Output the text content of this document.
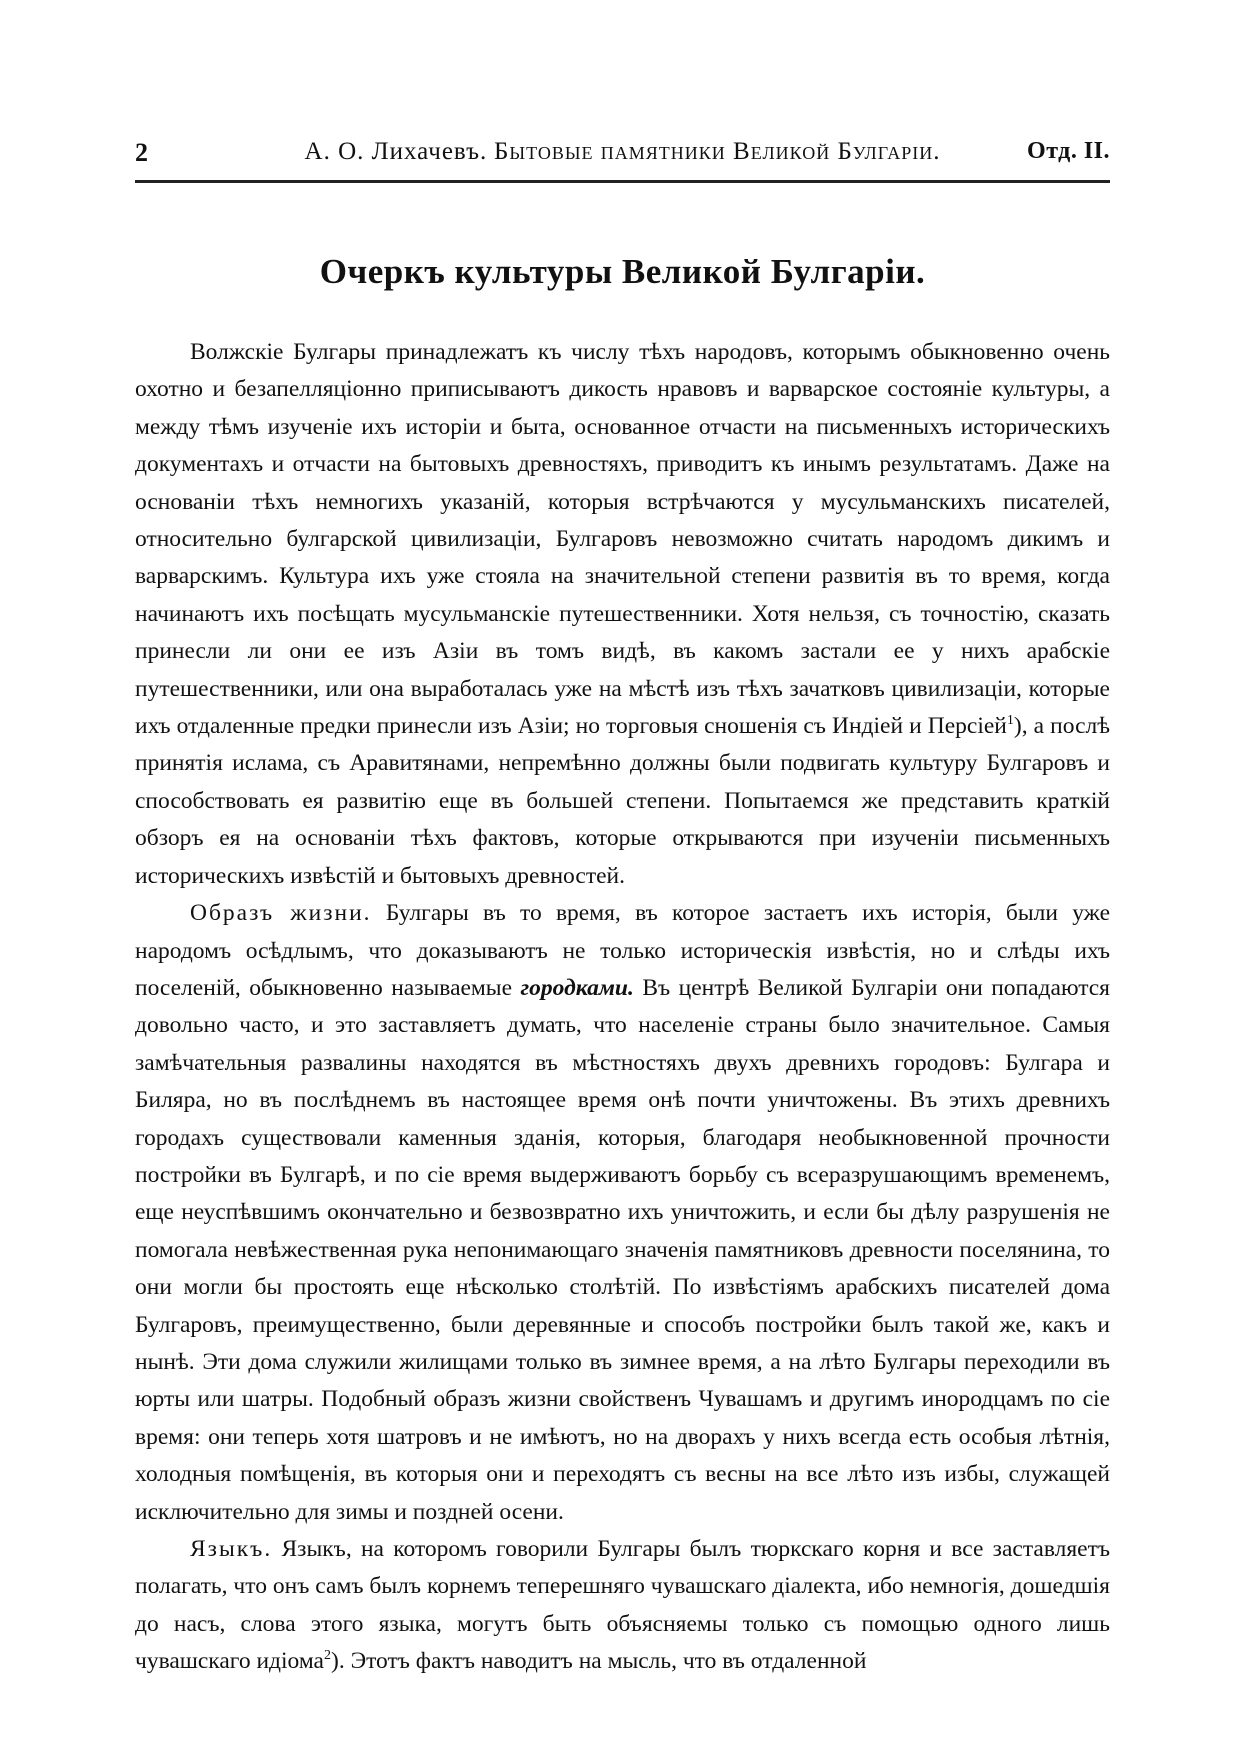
2	А. О. Лихачевъ. Бытовые памятники Великой Булгарiи.	Отд. II.
Очеркъ культуры Великой Булгарiи.

Волжскiе Булгары принадлежатъ къ числу тѣхъ народовъ, которымъ обыкновенно очень охотно и безапелляцiонно приписываютъ дикость нравовъ и варварское состоянiе культуры, а между тѣмъ изученiе ихъ исторiи и быта, основанное отчасти на письменныхъ историческихъ документахъ и отчасти на бытовыхъ древностяхъ, приводитъ къ инымъ результатамъ. Даже на основанiи тѣхъ немногихъ указанiй, которыя встрѣчаются у мусульманскихъ писателей, относительно булгарской цивилизацiи, Булгаровъ невозможно считать народомъ дикимъ и варварскимъ. Культура ихъ уже стояла на значительной степени развитiя въ то время, когда начинаютъ ихъ посѣщать мусульманскiе путешественники. Хотя нельзя, съ точностiю, сказать принесли ли они ее изъ Азiи въ томъ видѣ, въ какомъ застали ее у нихъ арабскiе путешественники, или она выработалась уже на мѣстѣ изъ тѣхъ зачатковъ цивилизацiи, которые ихъ отдаленные предки принесли изъ Азiи; но торговыя сношенiя съ Индiей и Персiей$^1$), а послѣ принятiя ислама, съ Аравитянами, непремѣнно должны были подвигать культуру Булгаровъ и способствовать ея развитiю еще въ большей степени. Попытаемся же представить краткiй обзоръ ея на основанiи тѣхъ фактовъ, которые открываются при изученiи письменныхъ историческихъ извѣстiй и бытовыхъ древностей.

Образъ жизни. Булгары въ то время, въ которое застаетъ ихъ исторiя, были уже народомъ осѣдлымъ, что доказываютъ не только историческiя извѣстiя, но и слѣды ихъ поселенiй, обыкновенно называемые городками. Въ центрѣ Великой Булгарiи они попадаются довольно часто, и это заставляетъ думать, что населенiе страны было значительное. Самыя замѣчательныя развалины находятся въ мѣстностяхъ двухъ древнихъ городовъ: Булгара и Биляра, но въ послѣднемъ въ настоящее время онѣ почти уничтожены. Въ этихъ древнихъ городахъ существовали каменныя зданiя, которыя, благодаря необыкновенной прочности постройки въ Булгарѣ, и по сiе время выдерживаютъ борьбу съ всеразрушающимъ временемъ, еще неуспѣвшимъ окончательно и безвозвратно ихъ уничтожить, и если бы дѣлу разрушенiя не помогала невѣжественная рука непонимающаго значенiя памятниковъ древности поселянина, то они могли бы простоять еще нѣсколько столѣтiй. По извѣстiямъ арабскихъ писателей дома Булгаровъ, преимущественно, были деревянные и способъ постройки былъ такой же, какъ и нынѣ. Эти дома служили жилищами только въ зимнее время, а на лѣто Булгары переходили въ юрты или шатры. Подобный образъ жизни свойственъ Чувашамъ и другимъ инородцамъ по сiе время: они теперь хотя шатровъ и не имѣютъ, но на дворахъ у нихъ всегда есть особыя лѣтнiя, холодныя помѣщенiя, въ которыя они и переходятъ съ весны на все лѣто изъ избы, служащей исключительно для зимы и поздней осени.

Языкъ. Языкъ, на которомъ говорили Булгары былъ тюркскаго корня и все заставляетъ полагать, что онъ самъ былъ корнемъ теперешняго чувашскаго дiалекта, ибо немногiя, дошедшiя до насъ, слова этого языка, могутъ быть объясняемы только съ помощью одного лишь чувашскаго идiома$^2$). Этотъ фактъ наводитъ на мысль, что въ отдаленной
